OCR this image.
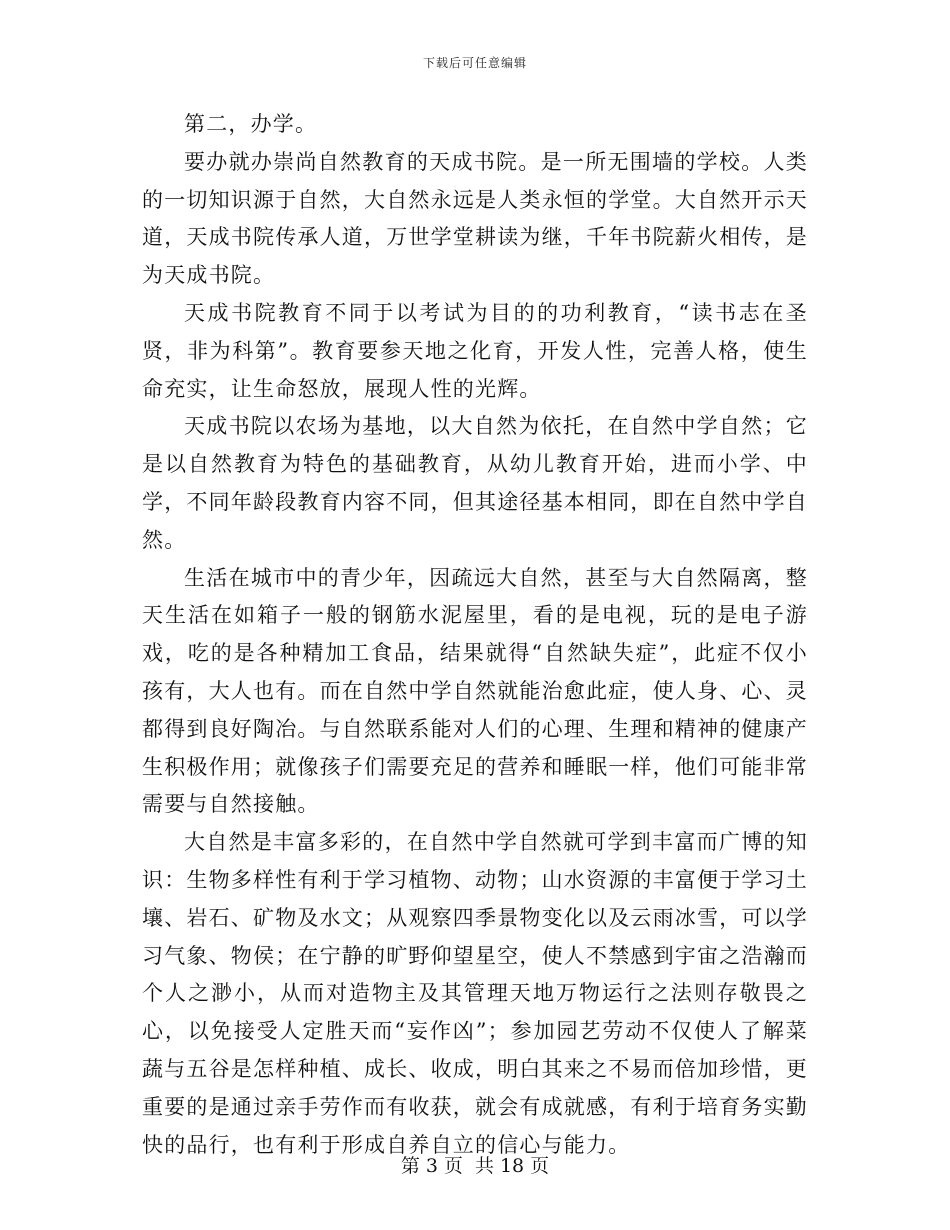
下载后可任意编辑

第二，办学。

要办就办崇尚自然教育的天成书院。是一所无围墙的学校。人类的一切知识源于自然，大自然永远是人类永恒的学堂。大自然开示天道，天成书院传承人道，万世学堂耕读为继，千年书院薪火相传，是为天成书院。

天成书院教育不同于以考试为目的的功利教育，“读书志在圣贤，非为科第”。教育要参天地之化育，开发人性，完善人格，使生命充实，让生命怒放，展现人性的光辉。

天成书院以农场为基地，以大自然为依托，在自然中学自然；它是以自然教育为特色的基础教育，从幼儿教育开始，进而小学、中学，不同年龄段教育内容不同，但其途径基本相同，即在自然中学自然。

生活在城市中的青少年，因疏远大自然，甚至与大自然隔离，整天生活在如箱子一般的钢筋水泥屋里，看的是电视，玩的是电子游戏，吃的是各种精加工食品，结果就得“自然缺失症”，此症不仅小孩有，大人也有。而在自然中学自然就能治愈此症，使人身、心、灵都得到良好陶冶。与自然联系能对人们的心理、生理和精神的健康产生积极作用；就像孩子们需要充足的营养和睡眠一样，他们可能非常需要与自然接触。

大自然是丰富多彩的，在自然中学自然就可学到丰富而广博的知识：生物多样性有利于学习植物、动物；山水资源的丰富便于学习土壤、岩石、矿物及水文；从观察四季景物变化以及云雨冰雪，可以学习气象、物侯；在宁静的旷野仰望星空，使人不禁感到宇宙之浩瀚而个人之渺小，从而对造物主及其管理天地万物运行之法则存敬畏之心，以免接受人定胜天而“妄作凶”；参加园艺劳动不仅使人了解菜蔬与五谷是怎样种植、成长、收成，明白其来之不易而倍加珍惜，更重要的是通过亲手劳作而有收获，就会有成就感，有利于培育务实勤快的品行，也有利于形成自养自立的信心与能力。

第 3 页 共 18 页
